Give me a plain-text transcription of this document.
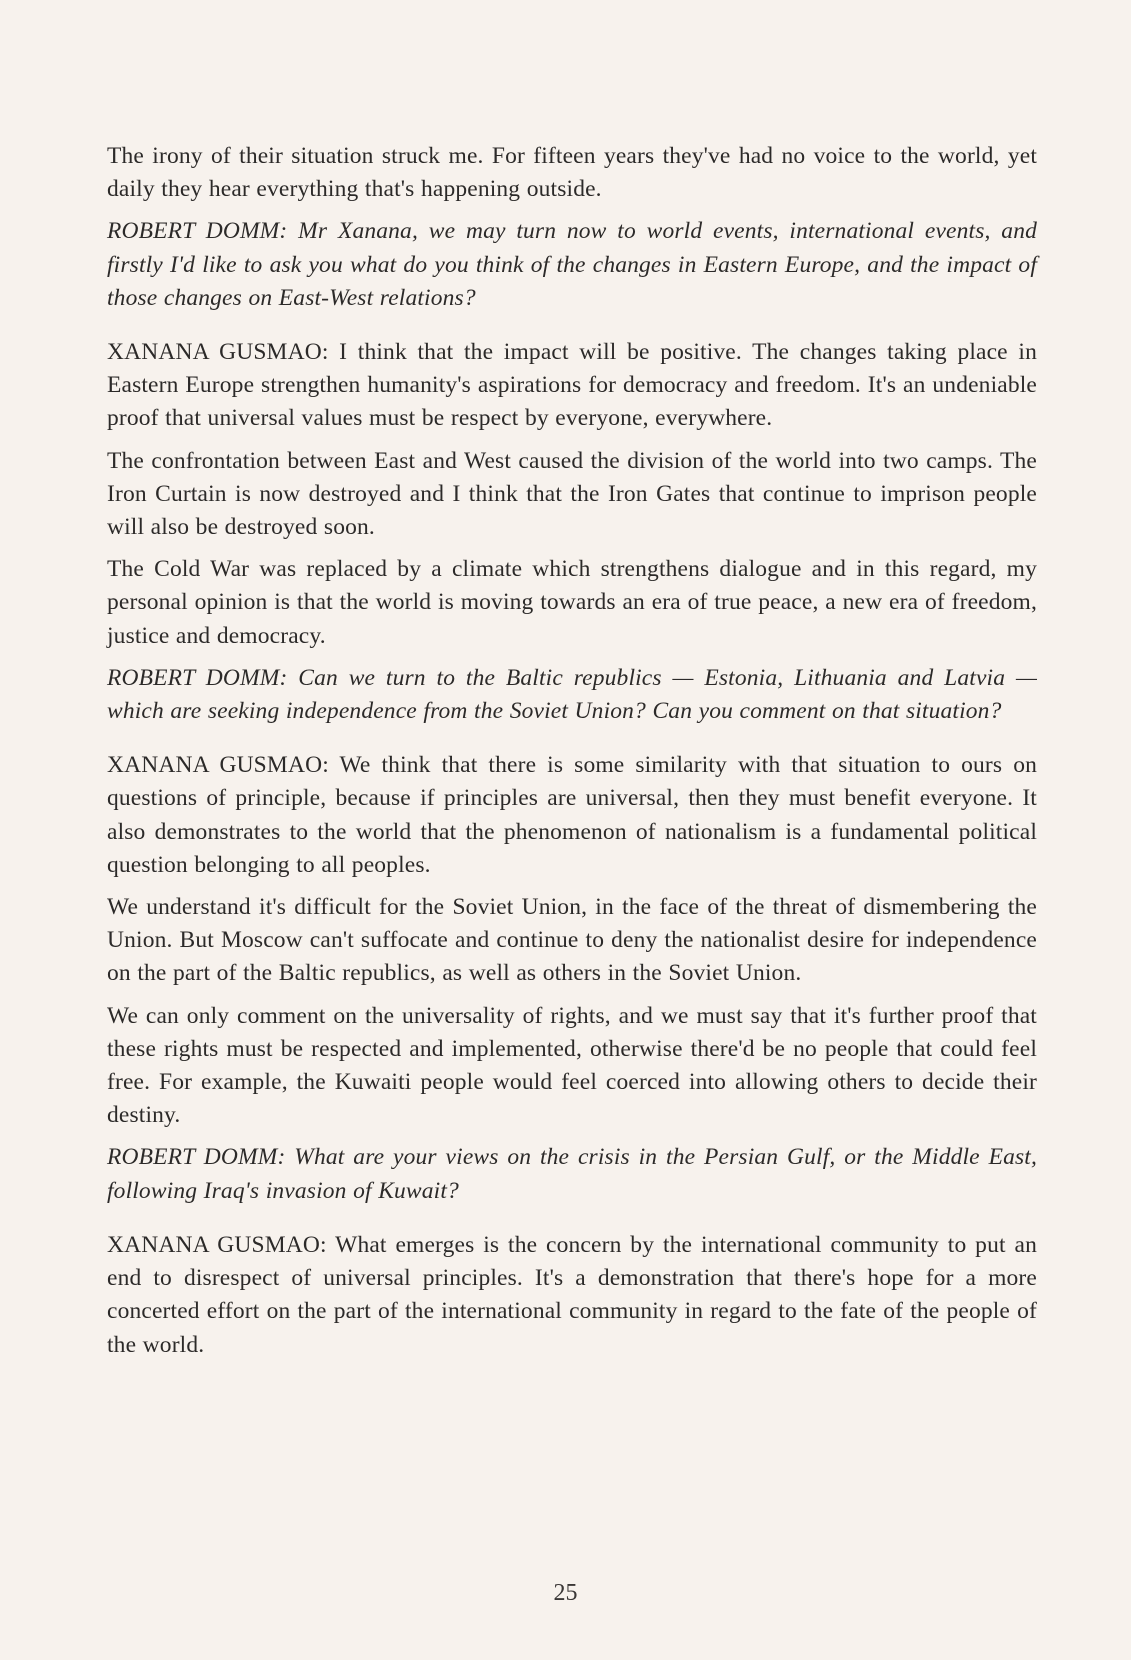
The irony of their situation struck me. For fifteen years they've had no voice to the world, yet daily they hear everything that's happening outside.

ROBERT DOMM: Mr Xanana, we may turn now to world events, international events, and firstly I'd like to ask you what do you think of the changes in Eastern Europe, and the impact of those changes on East-West relations?

XANANA GUSMAO: I think that the impact will be positive. The changes taking place in Eastern Europe strengthen humanity's aspirations for democracy and freedom. It's an undeniable proof that universal values must be respect by everyone, everywhere.

The confrontation between East and West caused the division of the world into two camps. The Iron Curtain is now destroyed and I think that the Iron Gates that continue to imprison people will also be destroyed soon.

The Cold War was replaced by a climate which strengthens dialogue and in this regard, my personal opinion is that the world is moving towards an era of true peace, a new era of freedom, justice and democracy.

ROBERT DOMM: Can we turn to the Baltic republics — Estonia, Lithuania and Latvia — which are seeking independence from the Soviet Union? Can you comment on that situation?

XANANA GUSMAO: We think that there is some similarity with that situation to ours on questions of principle, because if principles are universal, then they must benefit everyone. It also demonstrates to the world that the phenomenon of nationalism is a fundamental political question belonging to all peoples.

We understand it's difficult for the Soviet Union, in the face of the threat of dismembering the Union. But Moscow can't suffocate and continue to deny the nationalist desire for independence on the part of the Baltic republics, as well as others in the Soviet Union.

We can only comment on the universality of rights, and we must say that it's further proof that these rights must be respected and implemented, otherwise there'd be no people that could feel free. For example, the Kuwaiti people would feel coerced into allowing others to decide their destiny.

ROBERT DOMM: What are your views on the crisis in the Persian Gulf, or the Middle East, following Iraq's invasion of Kuwait?

XANANA GUSMAO: What emerges is the concern by the international community to put an end to disrespect of universal principles. It's a demonstration that there's hope for a more concerted effort on the part of the international community in regard to the fate of the people of the world.

25
